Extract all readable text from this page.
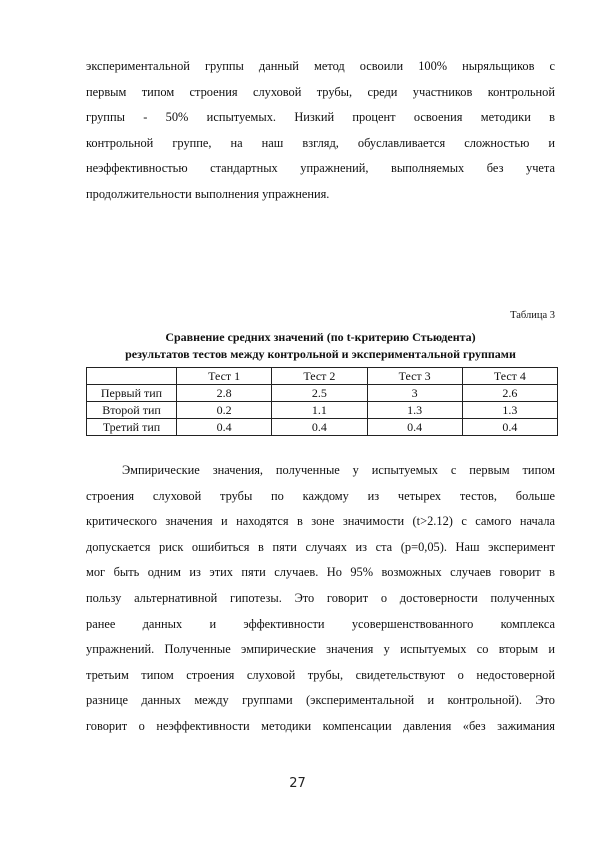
экспериментальной группы данный метод освоили 100% ныряльщиков с
первым типом строения слуховой трубы, среди участников контрольной
группы - 50% испытуемых. Низкий процент освоения методики в
контрольной группе, на наш взгляд, обуславливается сложностью и
неэффективностью стандартных упражнений, выполняемых без учета
продолжительности выполнения упражнения.

Таблица 3

Сравнение средних значений (по t-критерию Стьюдента)
результатов тестов между контрольной и экспериментальной группами
	Тест 1	Тест 2	Тест 3	Тест 4
Первый тип	2.8	2.5	3	2.6
Второй тип	0.2	1.1	1.3	1.3
Третий тип	0.4	0.4	0.4	0.4
Эмпирические значения, полученные у испытуемых с первым типом
строения слуховой трубы по каждому из четырех тестов, больше
критического значения и находятся в зоне значимости (t>2.12) с самого начала
допускается риск ошибиться в пяти случаях из ста (p=0,05). Наш эксперимент
мог быть одним из этих пяти случаев. Но 95% возможных случаев говорит в
пользу альтернативной гипотезы. Это говорит о достоверности полученных
ранее данных и эффективности усовершенствованного комплекса
упражнений. Полученные эмпирические значения у испытуемых со вторым и
третьим типом строения слуховой трубы, свидетельствуют о недостоверной
разнице данных между группами (экспериментальной и контрольной). Это
говорит о неэффективности методики компенсации давления «без зажимания

27
